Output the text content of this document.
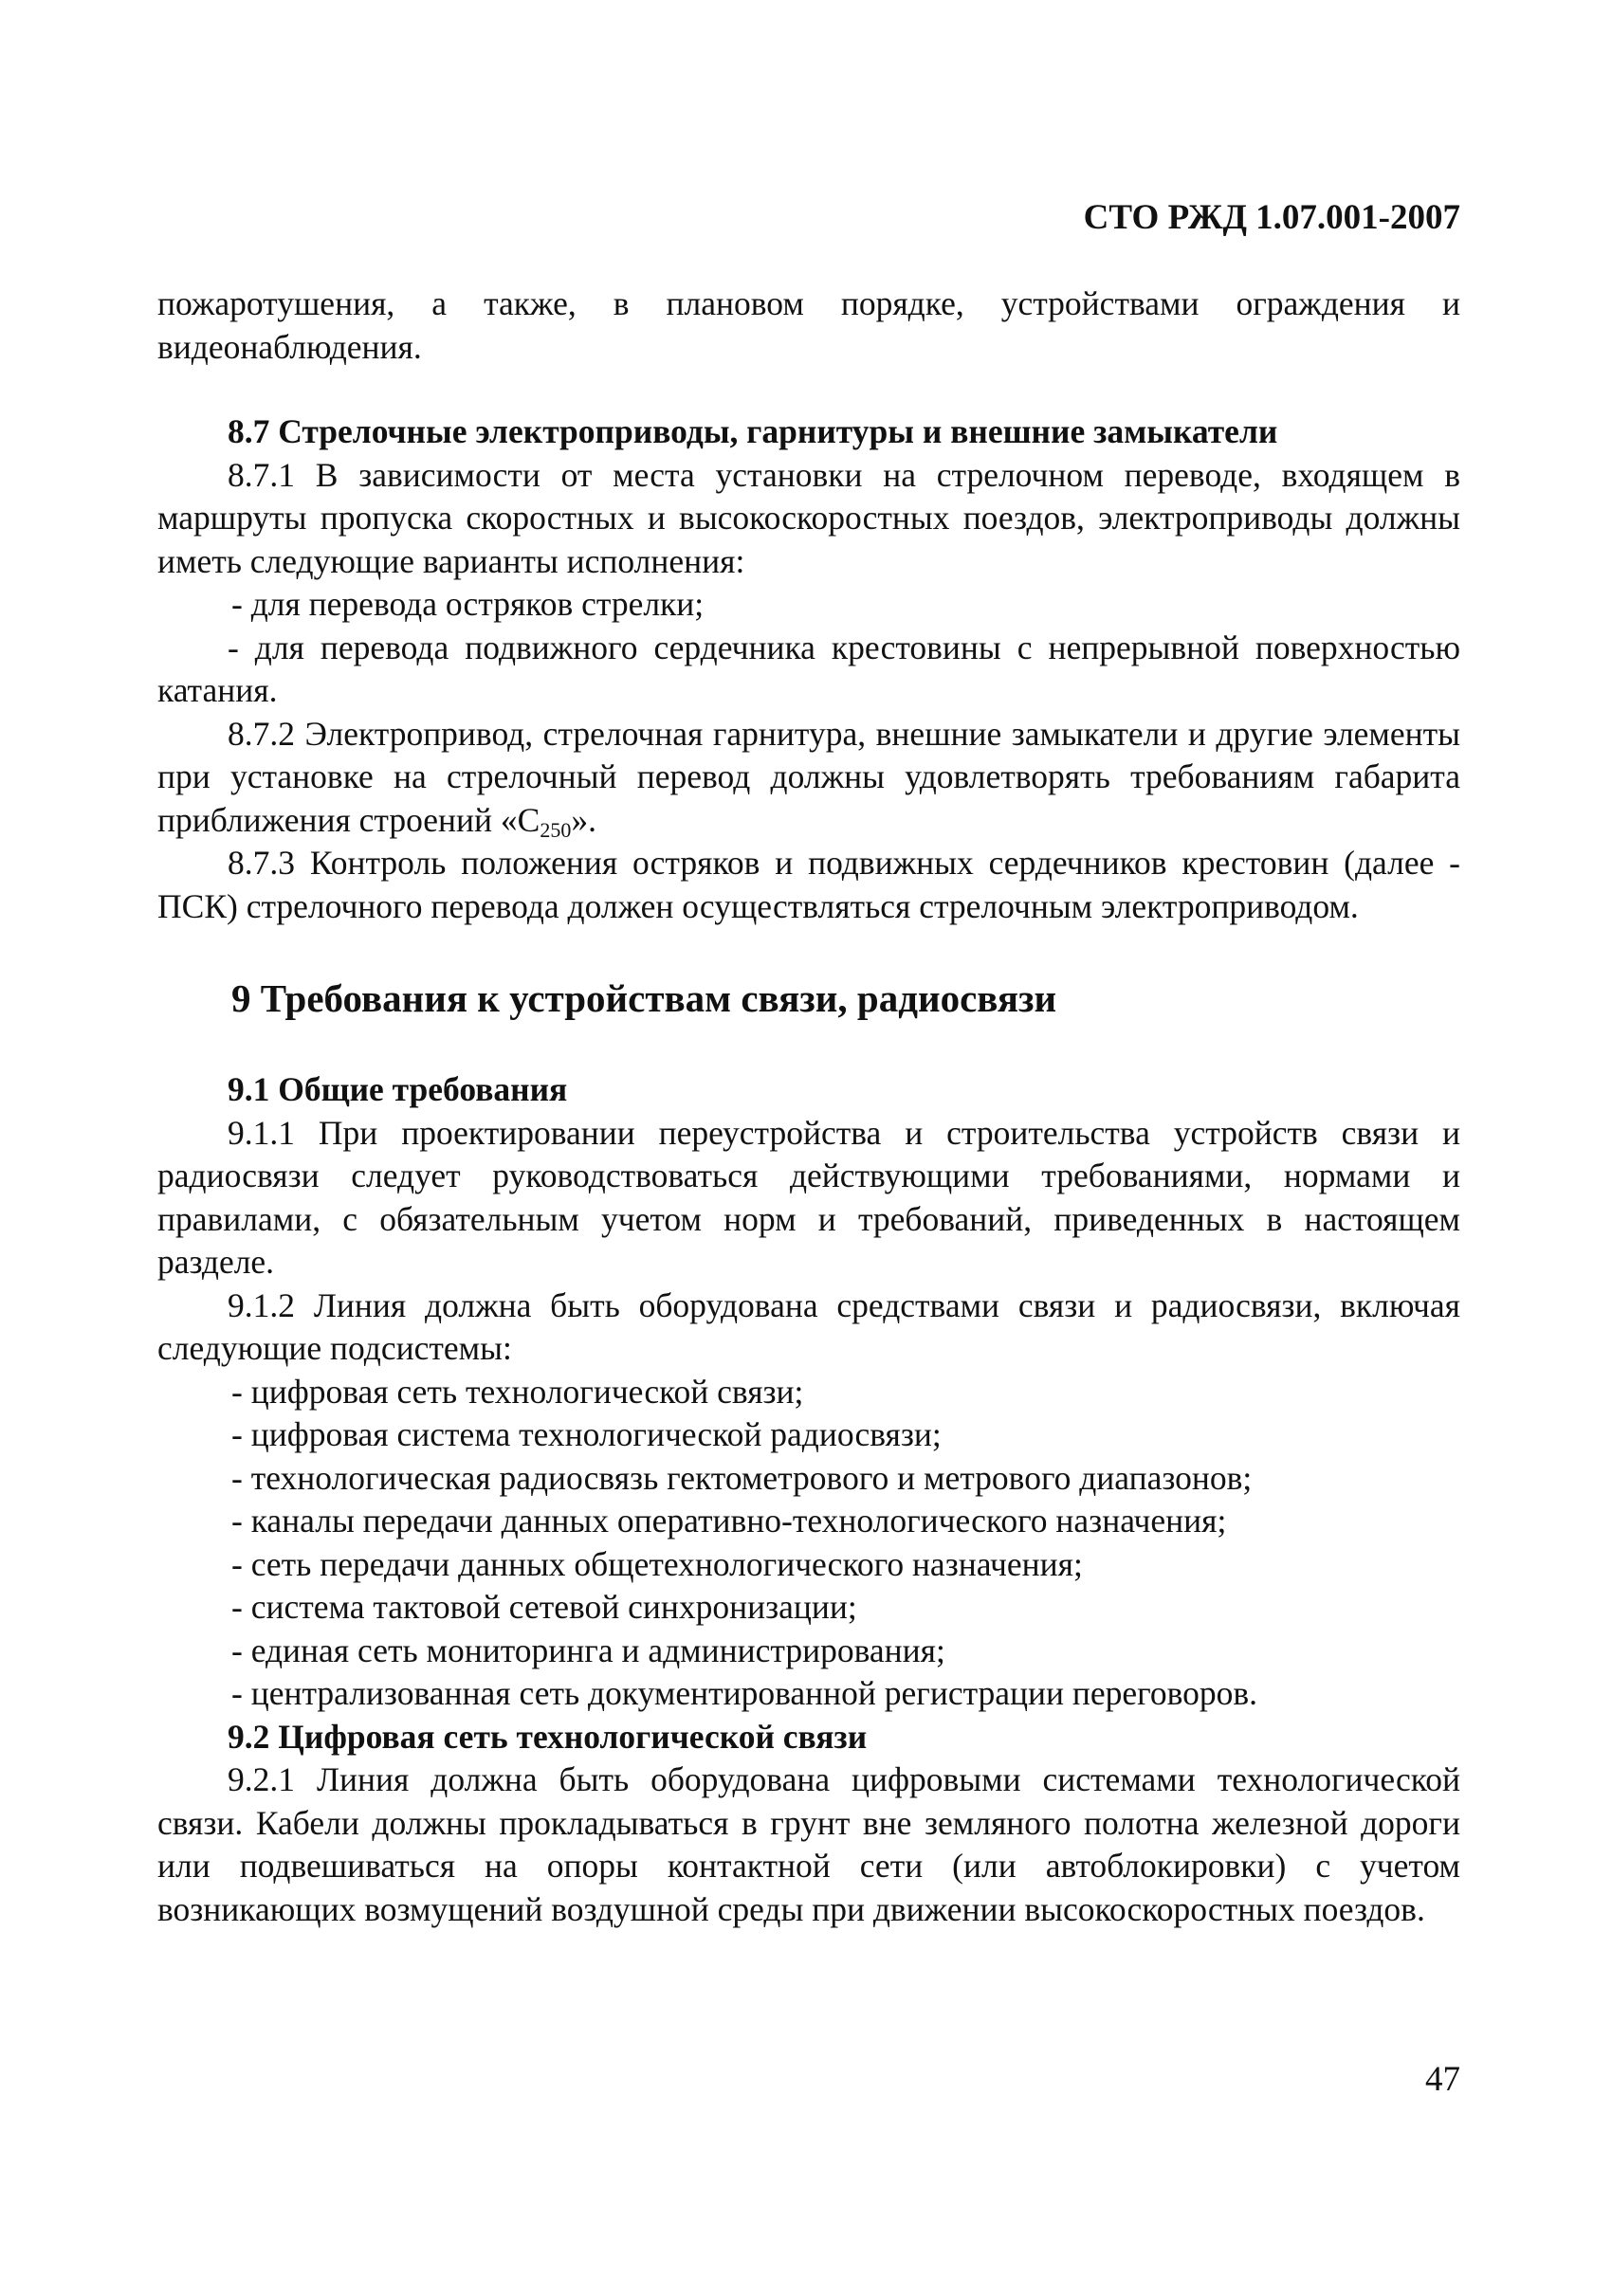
СТО РЖД 1.07.001-2007

пожаротушения, а также, в плановом порядке, устройствами ограждения и видеонаблюдения.

8.7 Стрелочные электроприводы, гарнитуры и внешние замыкатели

8.7.1 В зависимости от места установки на стрелочном переводе, входящем в маршруты пропуска скоростных и высокоскоростных поездов, электроприводы должны иметь следующие варианты исполнения:

- для перевода остряков стрелки;

- для перевода подвижного сердечника крестовины с непрерывной поверхностью катания.

8.7.2 Электропривод, стрелочная гарнитура, внешние замыкатели и другие элементы при установке на стрелочный перевод должны удовлетворять требованиям габарита приближения строений «$С_{250}$».

8.7.3 Контроль положения остряков и подвижных сердечников крестовин (далее - ПСК) стрелочного перевода должен осуществляться стрелочным электроприводом.

9 Требования к устройствам связи, радиосвязи

9.1 Общие требования

9.1.1 При проектировании переустройства и строительства устройств связи и радиосвязи следует руководствоваться действующими требованиями, нормами и правилами, с обязательным учетом норм и требований, приведенных в настоящем разделе.

9.1.2 Линия должна быть оборудована средствами связи и радиосвязи, включая следующие подсистемы:

- цифровая сеть технологической связи;

- цифровая система технологической радиосвязи;

- технологическая радиосвязь гектометрового и метрового диапазонов;

- каналы передачи данных оперативно-технологического назначения;

- сеть передачи данных общетехнологического назначения;

- система тактовой сетевой синхронизации;

- единая сеть мониторинга и администрирования;

- централизованная сеть документированной регистрации переговоров.

9.2 Цифровая сеть технологической связи

9.2.1 Линия должна быть оборудована цифровыми системами технологической связи. Кабели должны прокладываться в грунт вне земляного полотна железной дороги или подвешиваться на опоры контактной сети (или автоблокировки) с учетом возникающих возмущений воздушной среды при движении высокоскоростных поездов.

47
